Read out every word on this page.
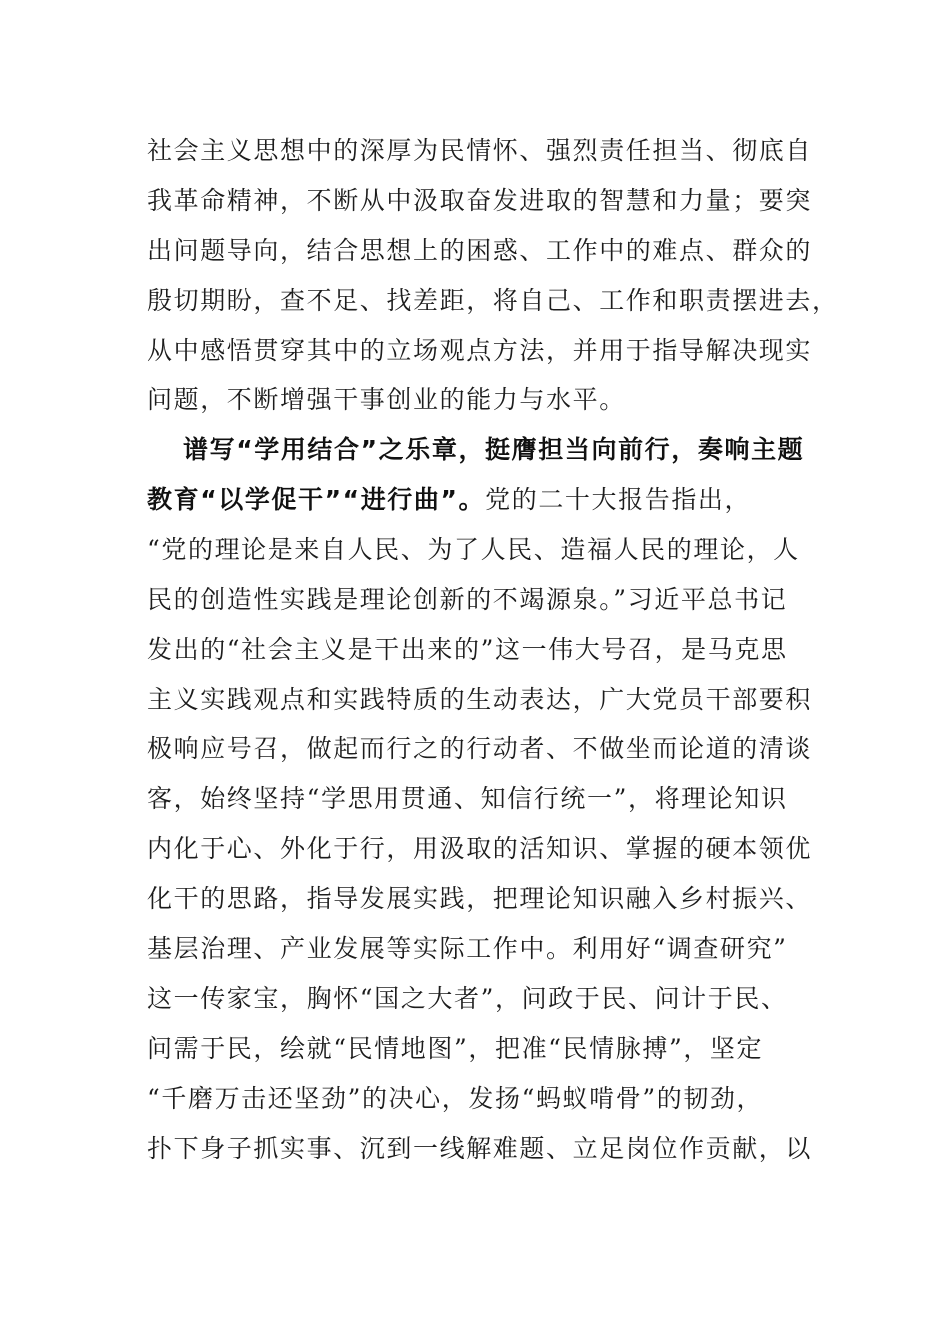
社会主义思想中的深厚为民情怀、强烈责任担当、彻底自
我革命精神，不断从中汲取奋发进取的智慧和力量；要突
出问题导向，结合思想上的困惑、工作中的难点、群众的
殷切期盼，查不足、找差距，将自己、工作和职责摆进去，
从中感悟贯穿其中的立场观点方法，并用于指导解决现实
问题，不断增强干事创业的能力与水平。
谱写“学用结合”之乐章，挺膺担当向前行，奏响主题
教育“以学促干”“进行曲”。党的二十大报告指出，
“党的理论是来自人民、为了人民、造福人民的理论，人
民的创造性实践是理论创新的不竭源泉。”习近平总书记
发出的“社会主义是干出来的”这一伟大号召，是马克思
主义实践观点和实践特质的生动表达，广大党员干部要积
极响应号召，做起而行之的行动者、不做坐而论道的清谈
客，始终坚持“学思用贯通、知信行统一”，将理论知识
内化于心、外化于行，用汲取的活知识、掌握的硬本领优
化干的思路，指导发展实践，把理论知识融入乡村振兴、
基层治理、产业发展等实际工作中。利用好“调查研究”
这一传家宝，胸怀“国之大者”，问政于民、问计于民、
问需于民，绘就“民情地图”，把准“民情脉搏”，坚定
“千磨万击还坚劲”的决心，发扬“蚂蚁啃骨”的韧劲，
扑下身子抓实事、沉到一线解难题、立足岗位作贡献，以
